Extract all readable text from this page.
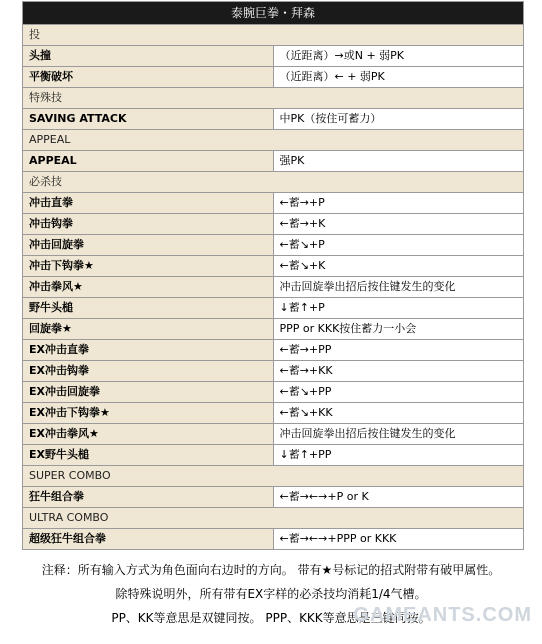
泰腕巨拳・拜森	
投	
头撞	（近距离）→或N + 弱PK
平衡破坏	（近距离）← + 弱PK
特殊技	
SAVING ATTACK	中PK（按住可蓄力）
APPEAL	
APPEAL	强PK
必杀技	
冲击直拳	←蓄→+P
冲击钩拳	←蓄→+K
冲击回旋拳	←蓄↘+P
冲击下钩拳★	←蓄↘+K
冲击拳风★	冲击回旋拳出招后按住键发生的变化
野牛头槌	↓蓄↑+P
回旋拳★	PPP or KKK按住蓄力一小会
EX冲击直拳	←蓄→+PP
EX冲击钩拳	←蓄→+KK
EX冲击回旋拳	←蓄↘+PP
EX冲击下钩拳★	←蓄↘+KK
EX冲击拳风★	冲击回旋拳出招后按住键发生的变化
EX野牛头槌	↓蓄↑+PP
SUPER COMBO	
狂牛组合拳	←蓄→←→+P or K
ULTRA COMBO	
超级狂牛组合拳	←蓄→←→+PPP or KKK
注释：所有输入方式为角色面向右边时的方向。 带有★号标记的招式附带有破甲属性。
除特殊说明外，所有带有EX字样的必杀技均消耗1/4气槽。
PP、KK等意思是双键同按。 PPP、KKK等意思是三键同按。
GAMEANTS.COM
